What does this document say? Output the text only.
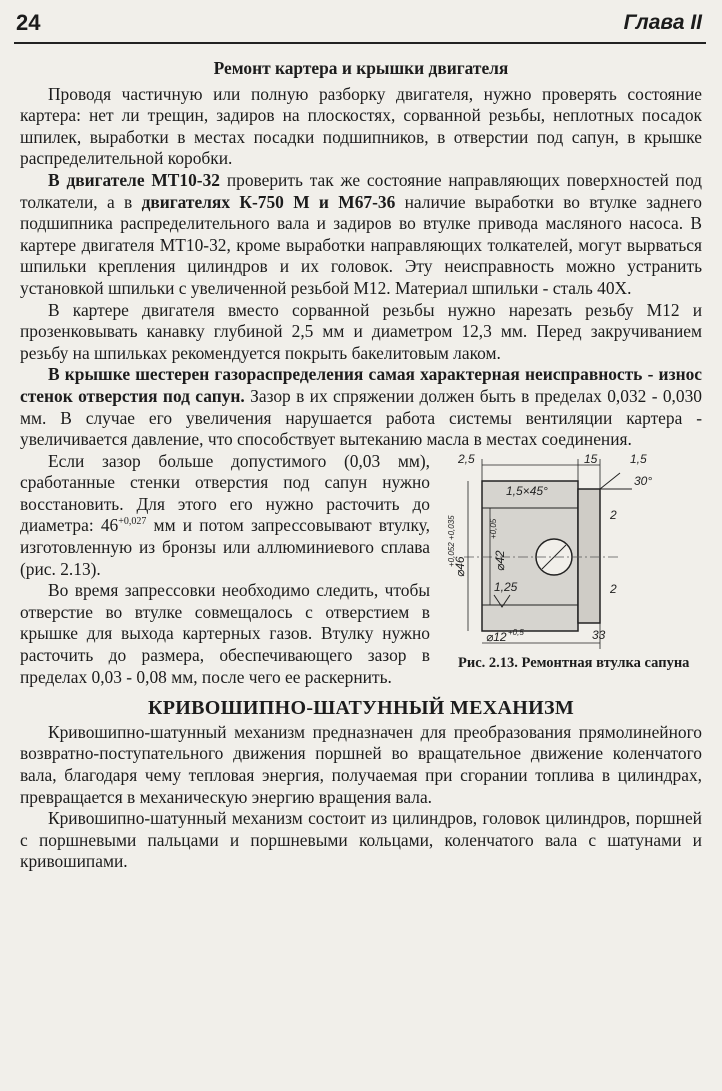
24	Глава II

Ремонт картера и крышки двигателя

Проводя частичную или полную разборку двигателя, нужно проверять состояние картера: нет ли трещин, задиров на плоскостях, сорванной резьбы, неплотных посадок шпилек, выработки в местах посадки подшипников, в отверстии под сапун, в крышке распределительной коробки.

В двигателе МТ10-32 проверить так же состояние направляющих поверхностей под толкатели, а в двигателях К-750 М и М67-36 наличие выработки во втулке заднего подшипника распределительного вала и задиров во втулке привода масляного насоса. В картере двигателя МТ10-32, кроме выработки направляющих толкателей, могут вырваться шпильки крепления цилиндров и их головок. Эту неисправность можно устранить установкой шпильки с увеличенной резьбой М12. Материал шпильки - сталь 40Х.

В картере двигателя вместо сорванной резьбы нужно нарезать резьбу М12 и прозенковывать канавку глубиной 2,5 мм и диаметром 12,3 мм. Перед закручиванием резьбу на шпильках рекомендуется покрыть бакелитовым лаком.

В крышке шестерен газораспределения самая характерная неисправность - износ стенок отверстия под сапун. Зазор в их спряжении должен быть в пределах 0,032 - 0,030 мм. В случае его увеличения нарушается работа системы вентиляции картера - увеличивается давление, что способствует вытеканию масла в местах соединения.

2,5	15	1,5
1,5×45°
30°
⌀46
+0,052 +0,035	⌀42
+0,05
1,25
2
2
⌀12 +0,5	33
Рис. 2.13. Ремонтная втулка сапуна

Если зазор больше допустимого (0,03 мм), сработанные стенки отверстия под сапун нужно восстановить. Для этого его нужно расточить до диаметра: $46^{+0,027}$ мм и потом запрессовывают втулку, изготовленную из бронзы или аллюминиевого сплава (рис. 2.13).

Во время запрессовки необходимо следить, чтобы отверстие во втулке совмещалось с отверстием в крышке для выхода картерных газов. Втулку нужно расточить до размера, обеспечивающего зазор в пределах 0,03 - 0,08 мм, после чего ее раскернить.

КРИВОШИПНО-ШАТУННЫЙ МЕХАНИЗМ

Кривошипно-шатунный механизм предназначен для преобразования прямолинейного возвратно-поступательного движения поршней во вращательное движение коленчатого вала, благодаря чему тепловая энергия, получаемая при сгорании топлива в цилиндрах, превращается в механическую энергию вращения вала.

Кривошипно-шатунный механизм состоит из цилиндров, головок цилиндров, поршней с поршневыми пальцами и поршневыми кольцами, коленчатого вала с шатунами и кривошипами.
